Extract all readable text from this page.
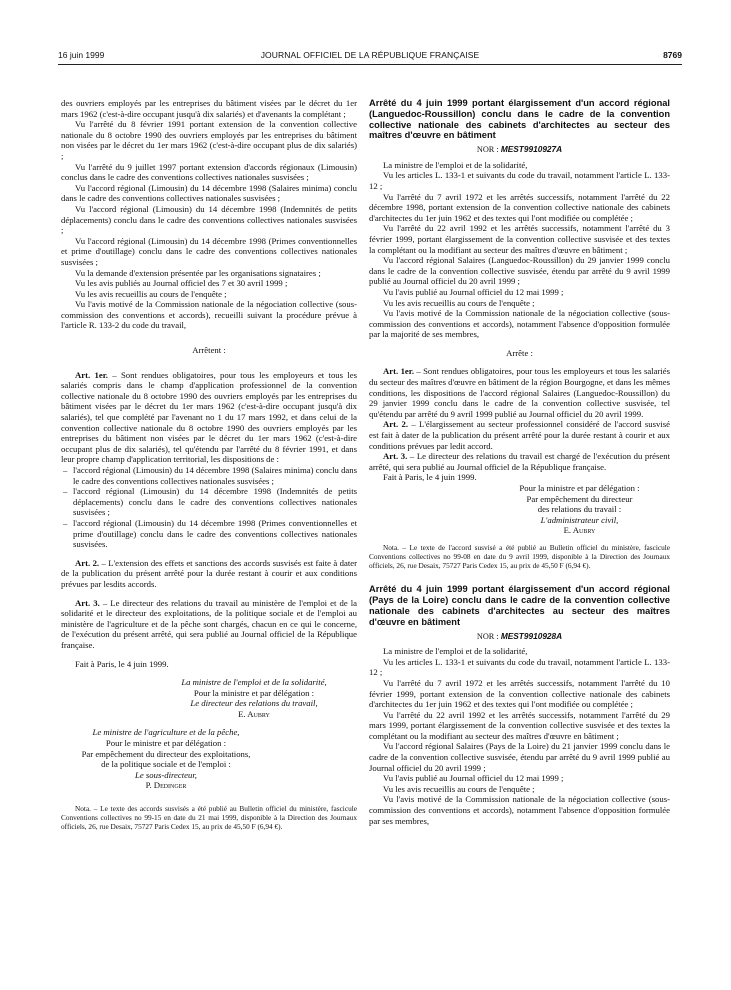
16 juin 1999	JOURNAL OFFICIEL DE LA RÉPUBLIQUE FRANÇAISE	8769

des ouvriers employés par les entreprises du bâtiment visées par le décret du 1er mars 1962 (c'est-à-dire occupant jusqu'à dix salariés) et d'avenants la complétant ;

Vu l'arrêté du 8 février 1991 portant extension de la convention collective nationale du 8 octobre 1990 des ouvriers employés par les entreprises du bâtiment non visées par le décret du 1er mars 1962 (c'est-à-dire occupant plus de dix salariés) ;

Vu l'arrêté du 9 juillet 1997 portant extension d'accords régionaux (Limousin) conclus dans le cadre des conventions collectives nationales susvisées ;

Vu l'accord régional (Limousin) du 14 décembre 1998 (Salaires minima) conclu dans le cadre des conventions collectives nationales susvisées ;

Vu l'accord régional (Limousin) du 14 décembre 1998 (Indemnités de petits déplacements) conclu dans le cadre des conventions collectives nationales susvisées ;

Vu l'accord régional (Limousin) du 14 décembre 1998 (Primes conventionnelles et prime d'outillage) conclu dans le cadre des conventions collectives nationales susvisées ;

Vu la demande d'extension présentée par les organisations signataires ;

Vu les avis publiés au Journal officiel des 7 et 30 avril 1999 ;

Vu les avis recueillis au cours de l'enquête ;

Vu l'avis motivé de la Commission nationale de la négociation collective (sous-commission des conventions et accords), recueilli suivant la procédure prévue à l'article R. 133-2 du code du travail,

Arrêtent :

Art. 1er. – Sont rendues obligatoires, pour tous les employeurs et tous les salariés compris dans le champ d'application professionnel de la convention collective nationale du 8 octobre 1990 des ouvriers employés par les entreprises du bâtiment visées par le décret du 1er mars 1962 (c'est-à-dire occupant jusqu'à dix salariés), tel que complété par l'avenant no 1 du 17 mars 1992, et dans celui de la convention collective nationale du 8 octobre 1990 des ouvriers employés par les entreprises du bâtiment non visées par le décret du 1er mars 1962 (c'est-à-dire occupant plus de dix salariés), tel qu'étendu par l'arrêté du 8 février 1991, et dans leur propre champ d'application territorial, les dispositions de :

– l'accord régional (Limousin) du 14 décembre 1998 (Salaires minima) conclu dans le cadre des conventions collectives nationales susvisées ;

– l'accord régional (Limousin) du 14 décembre 1998 (Indemnités de petits déplacements) conclu dans le cadre des conventions collectives nationales susvisées ;

– l'accord régional (Limousin) du 14 décembre 1998 (Primes conventionnelles et prime d'outillage) conclu dans le cadre des conventions collectives nationales susvisées.

Art. 2. – L'extension des effets et sanctions des accords susvisés est faite à dater de la publication du présent arrêté pour la durée restant à courir et aux conditions prévues par lesdits accords.

Art. 3. – Le directeur des relations du travail au ministère de l'emploi et de la solidarité et le directeur des exploitations, de la politique sociale et de l'emploi au ministère de l'agriculture et de la pêche sont chargés, chacun en ce qui le concerne, de l'exécution du présent arrêté, qui sera publié au Journal officiel de la République française.

Fait à Paris, le 4 juin 1999.

La ministre de l'emploi et de la solidarité,

Pour la ministre et par délégation :

Le directeur des relations du travail,

E. Aubry

Le ministre de l'agriculture et de la pêche,

Pour le ministre et par délégation :

Par empêchement du directeur des exploitations,

de la politique sociale et de l'emploi :

Le sous-directeur,

P. Dedinger

Nota. – Le texte des accords susvisés a été publié au Bulletin officiel du ministère, fascicule Conventions collectives no 99-15 en date du 21 mai 1999, disponible à la Direction des Journaux officiels, 26, rue Desaix, 75727 Paris Cedex 15, au prix de 45,50 F (6,94 €).

Arrêté du 4 juin 1999 portant élargissement d'un accord régional (Languedoc-Roussillon) conclu dans le cadre de la convention collective nationale des cabinets d'architectes au secteur des maîtres d'œuvre en bâtiment

NOR : MEST9910927A

La ministre de l'emploi et de la solidarité,

Vu les articles L. 133-1 et suivants du code du travail, notamment l'article L. 133-12 ;

Vu l'arrêté du 7 avril 1972 et les arrêtés successifs, notamment l'arrêté du 22 décembre 1998, portant extension de la convention collective nationale des cabinets d'architectes du 1er juin 1962 et des textes qui l'ont modifiée ou complétée ;

Vu l'arrêté du 22 avril 1992 et les arrêtés successifs, notamment l'arrêté du 3 février 1999, portant élargissement de la convention collective susvisée et des textes la complétant ou la modifiant au secteur des maîtres d'œuvre en bâtiment ;

Vu l'accord régional Salaires (Languedoc-Roussillon) du 29 janvier 1999 conclu dans le cadre de la convention collective susvisée, étendu par arrêté du 9 avril 1999 publié au Journal officiel du 20 avril 1999 ;

Vu l'avis publié au Journal officiel du 12 mai 1999 ;

Vu les avis recueillis au cours de l'enquête ;

Vu l'avis motivé de la Commission nationale de la négociation collective (sous-commission des conventions et accords), notamment l'absence d'opposition formulée par la majorité de ses membres,

Arrête :

Art. 1er. – Sont rendues obligatoires, pour tous les employeurs et tous les salariés du secteur des maîtres d'œuvre en bâtiment de la région Bourgogne, et dans les mêmes conditions, les dispositions de l'accord régional Salaires (Languedoc-Roussillon) du 29 janvier 1999 conclu dans le cadre de la convention collective susvisée, tel qu'étendu par arrêté du 9 avril 1999 publié au Journal officiel du 20 avril 1999.

Art. 2. – L'élargissement au secteur professionnel considéré de l'accord susvisé est fait à dater de la publication du présent arrêté pour la durée restant à courir et aux conditions prévues par ledit accord.

Art. 3. – Le directeur des relations du travail est chargé de l'exécution du présent arrêté, qui sera publié au Journal officiel de la République française.

Fait à Paris, le 4 juin 1999.

Pour la ministre et par délégation :

Par empêchement du directeur

des relations du travail :

L'administrateur civil,

E. Aubry

Nota. – Le texte de l'accord susvisé a été publié au Bulletin officiel du ministère, fascicule Conventions collectives no 99-08 en date du 9 avril 1999, disponible à la Direction des Journaux officiels, 26, rue Desaix, 75727 Paris Cedex 15, au prix de 45,50 F (6,94 €).

Arrêté du 4 juin 1999 portant élargissement d'un accord régional (Pays de la Loire) conclu dans le cadre de la convention collective nationale des cabinets d'architectes au secteur des maîtres d'œuvre en bâtiment

NOR : MEST9910928A

La ministre de l'emploi et de la solidarité,

Vu les articles L. 133-1 et suivants du code du travail, notamment l'article L. 133-12 ;

Vu l'arrêté du 7 avril 1972 et les arrêtés successifs, notamment l'arrêté du 10 février 1999, portant extension de la convention collective nationale des cabinets d'architectes du 1er juin 1962 et des textes qui l'ont modifiée ou complétée ;

Vu l'arrêté du 22 avril 1992 et les arrêtés successifs, notamment l'arrêté du 29 mars 1999, portant élargissement de la convention collective susvisée et des textes la complétant ou la modifiant au secteur des maîtres d'œuvre en bâtiment ;

Vu l'accord régional Salaires (Pays de la Loire) du 21 janvier 1999 conclu dans le cadre de la convention collective susvisée, étendu par arrêté du 9 avril 1999 publié au Journal officiel du 20 avril 1999 ;

Vu l'avis publié au Journal officiel du 12 mai 1999 ;

Vu les avis recueillis au cours de l'enquête ;

Vu l'avis motivé de la Commission nationale de la négociation collective (sous-commission des conventions et accords), notamment l'absence d'opposition formulée par ses membres,
